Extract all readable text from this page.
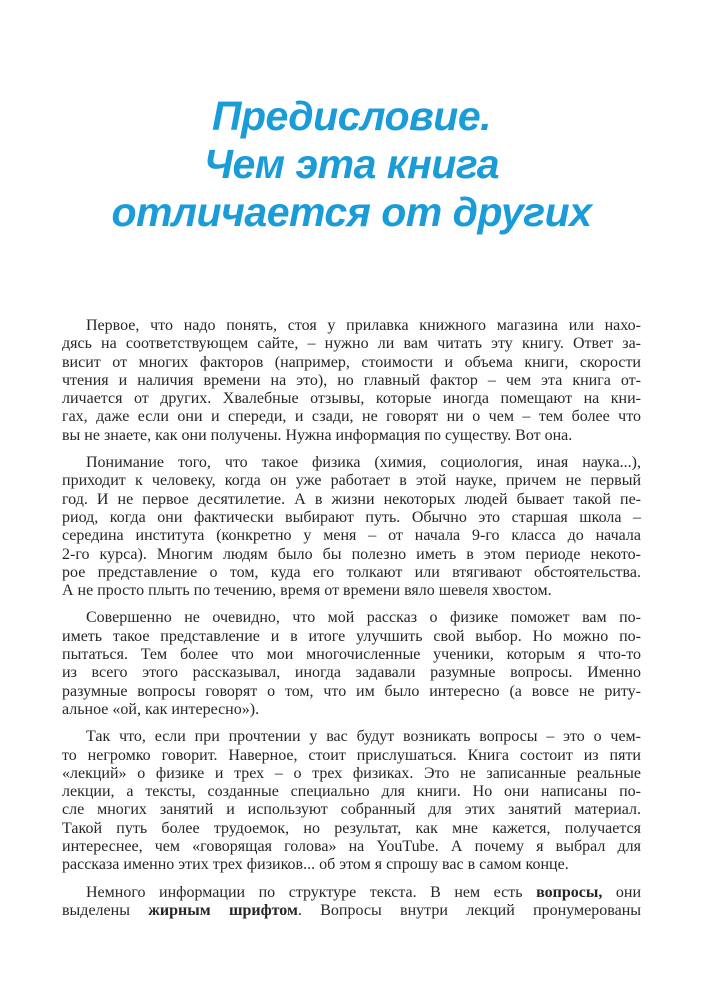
Предисловие.
Чем эта книга
отличается от других
Первое, что надо понять, стоя у прилавка книжного магазина или нахо-
дясь на соответствующем сайте, – нужно ли вам читать эту книгу. Ответ за-
висит от многих факторов (например, стоимости и объема книги, скорости
чтения и наличия времени на это), но главный фактор – чем эта книга от-
личается от других. Хвалебные отзывы, которые иногда помещают на кни-
гах, даже если они и спереди, и сзади, не говорят ни о чем – тем более что
вы не знаете, как они получены. Нужна информация по существу. Вот она.
Понимание того, что такое физика (химия, социология, иная наука...),
приходит к человеку, когда он уже работает в этой науке, причем не первый
год. И не первое десятилетие. А в жизни некоторых людей бывает такой пе-
риод, когда они фактически выбирают путь. Обычно это старшая школа –
середина института (конкретно у меня – от начала 9-го класса до начала
2-го курса). Многим людям было бы полезно иметь в этом периоде некото-
рое представление о том, куда его толкают или втягивают обстоятельства.
А не просто плыть по течению, время от времени вяло шевеля хвостом.
Совершенно не очевидно, что мой рассказ о физике поможет вам по-
иметь такое представление и в итоге улучшить свой выбор. Но можно по-
пытаться. Тем более что мои многочисленные ученики, которым я что-то
из всего этого рассказывал, иногда задавали разумные вопросы. Именно
разумные вопросы говорят о том, что им было интересно (а вовсе не риту-
альное «ой, как интересно»).
Так что, если при прочтении у вас будут возникать вопросы – это о чем-
то негромко говорит. Наверное, стоит прислушаться. Книга состоит из пяти
«лекций» о физике и трех – о трех физиках. Это не записанные реальные
лекции, а тексты, созданные специально для книги. Но они написаны по-
сле многих занятий и используют собранный для этих занятий материал.
Такой путь более трудоемок, но результат, как мне кажется, получается
интереснее, чем «говорящая голова» на YouTube. А почему я выбрал для
рассказа именно этих трех физиков... об этом я спрошу вас в самом конце.
Немного информации по структуре текста. В нем есть вопросы, они
выделены жирным шрифтом. Вопросы внутри лекций пронумерованы
